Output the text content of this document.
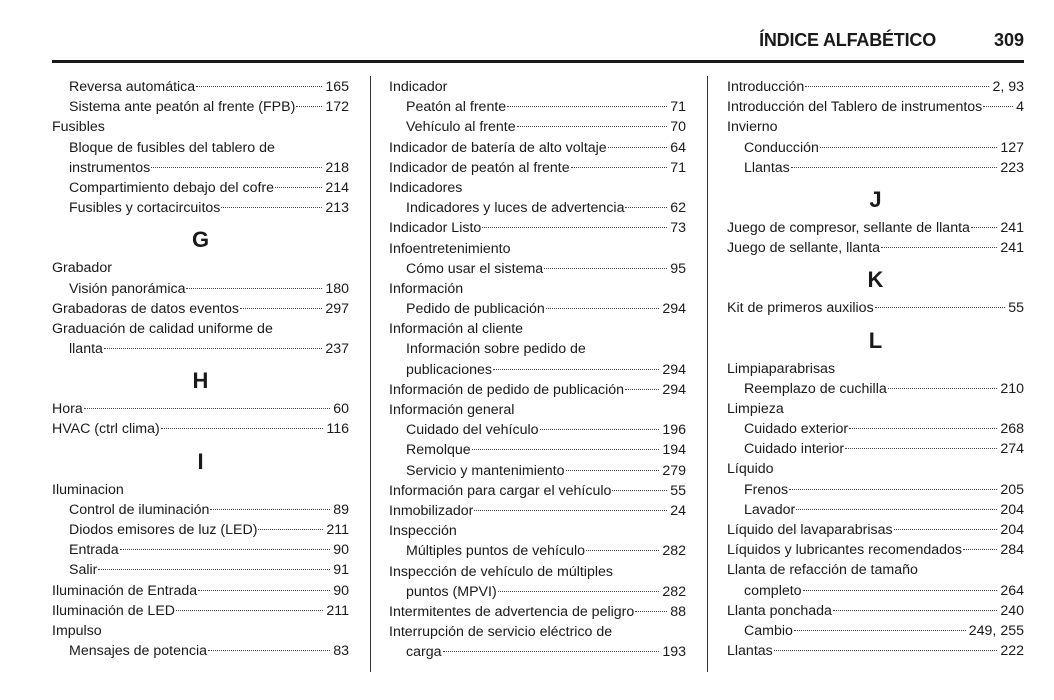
ÍNDICE ALFABÉTICO	309
Reversa automática	165
Sistema ante peatón al frente (FPB) 172
Fusibles
Bloque de fusibles del tablero de
instrumentos	218
Compartimiento debajo del cofre	214
Fusibles y cortacircuitos	213
G
Grabador
Visión panorámica	180
Grabadoras de datos eventos	297
Graduación de calidad uniforme de
llanta	237
H
Hora	60
HVAC (ctrl clima)	116
I
Iluminacion
Control de iluminación	89
Diodos emisores de luz (LED)	211
Entrada	90
Salir	91
Iluminación de Entrada	90
Iluminación de LED	211
Impulso
Mensajes de potencia	83
Indicador
Peatón al frente	71
Vehículo al frente	70
Indicador de batería de alto voltaje	64
Indicador de peatón al frente	71
Indicadores
Indicadores y luces de advertencia	62
Indicador Listo	73
Infoentretenimiento
Cómo usar el sistema	95
Información
Pedido de publicación	294
Información al cliente
Información sobre pedido de
publicaciones	294
Información de pedido de publicación	294
Información general
Cuidado del vehículo	196
Remolque	194
Servicio y mantenimiento	279
Información para cargar el vehículo	55
Inmobilizador	24
Inspección
Múltiples puntos de vehículo	282
Inspección de vehículo de múltiples
puntos (MPVI)	282
Intermitentes de advertencia de peligro	88
Interrupción de servicio eléctrico de
carga	193
Introducción	2, 93
Introducción del Tablero de instrumentos 4
Invierno
Conducción	127
Llantas	223
J
Juego de compresor, sellante de llanta 241
Juego de sellante, llanta	241
K
Kit de primeros auxilios	55
L
Limpiaparabrisas
Reemplazo de cuchilla	210
Limpieza
Cuidado exterior	268
Cuidado interior	274
Líquido
Frenos	205
Lavador	204
Líquido del lavaparabrisas	204
Líquidos y lubricantes recomendados	284
Llanta de refacción de tamaño
completo	264
Llanta ponchada	240
Cambio	249, 255
Llantas	222
